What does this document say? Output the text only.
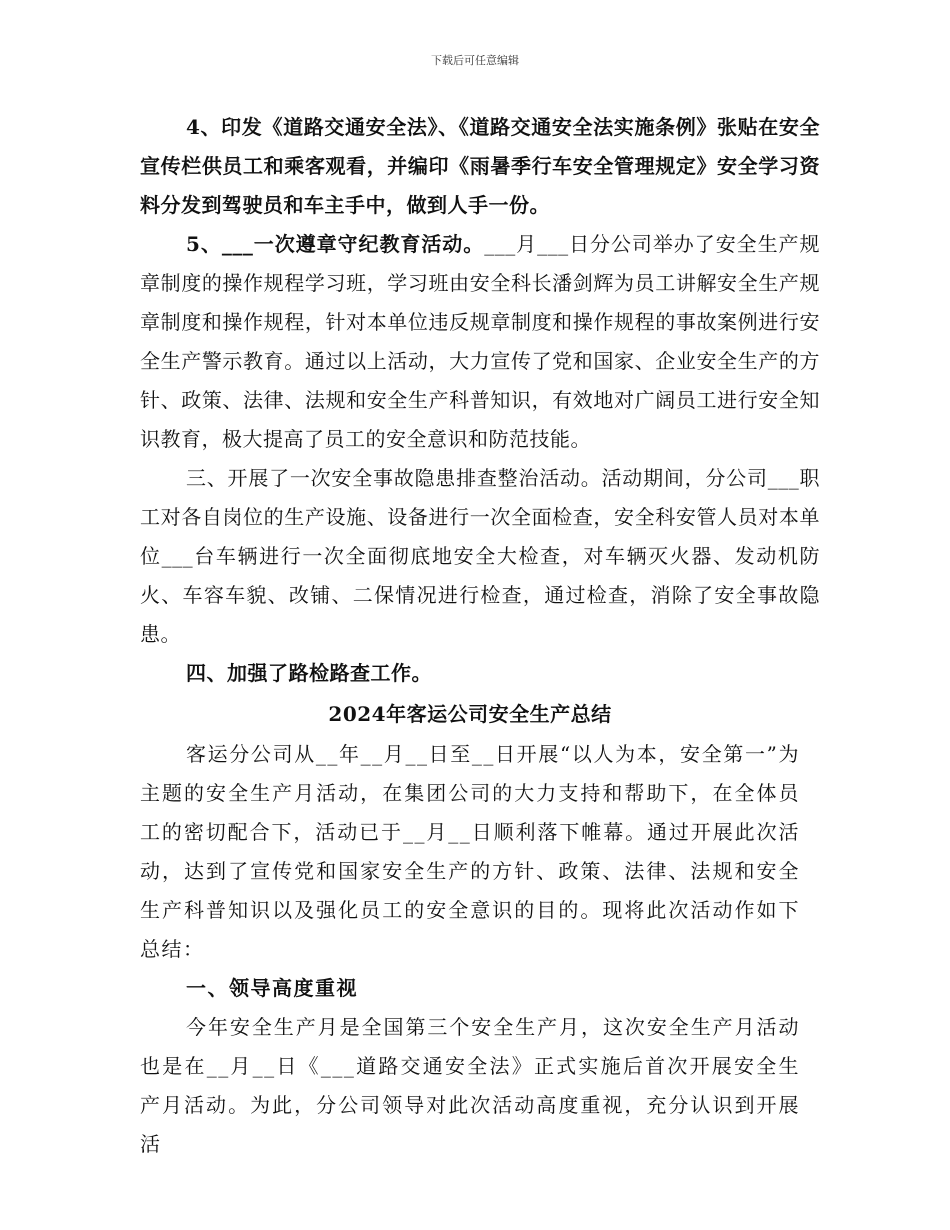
下载后可任意编辑

4、印发《道路交通安全法》、《道路交通安全法实施条例》张贴在安全宣传栏供员工和乘客观看，并编印《雨暑季行车安全管理规定》安全学习资料分发到驾驶员和车主手中，做到人手一份。

5、___一次遵章守纪教育活动。___月___日分公司举办了安全生产规章制度的操作规程学习班，学习班由安全科长潘剑辉为员工讲解安全生产规章制度和操作规程，针对本单位违反规章制度和操作规程的事故案例进行安全生产警示教育。通过以上活动，大力宣传了党和国家、企业安全生产的方针、政策、法律、法规和安全生产科普知识，有效地对广阔员工进行安全知识教育，极大提高了员工的安全意识和防范技能。

三、开展了一次安全事故隐患排查整治活动。活动期间，分公司___职工对各自岗位的生产设施、设备进行一次全面检查，安全科安管人员对本单位___台车辆进行一次全面彻底地安全大检查，对车辆灭火器、发动机防火、车容车貌、改铺、二保情况进行检查，通过检查，消除了安全事故隐患。

四、加强了路检路查工作。

2024年客运公司安全生产总结

客运分公司从__年__月__日至__日开展“以人为本，安全第一”为主题的安全生产月活动，在集团公司的大力支持和帮助下，在全体员工的密切配合下，活动已于__月__日顺利落下帷幕。通过开展此次活动，达到了宣传党和国家安全生产的方针、政策、法律、法规和安全生产科普知识以及强化员工的安全意识的目的。现将此次活动作如下总结：

一、领导高度重视

今年安全生产月是全国第三个安全生产月，这次安全生产月活动也是在__月__日《___道路交通安全法》正式实施后首次开展安全生产月活动。为此，分公司领导对此次活动高度重视，充分认识到开展活
